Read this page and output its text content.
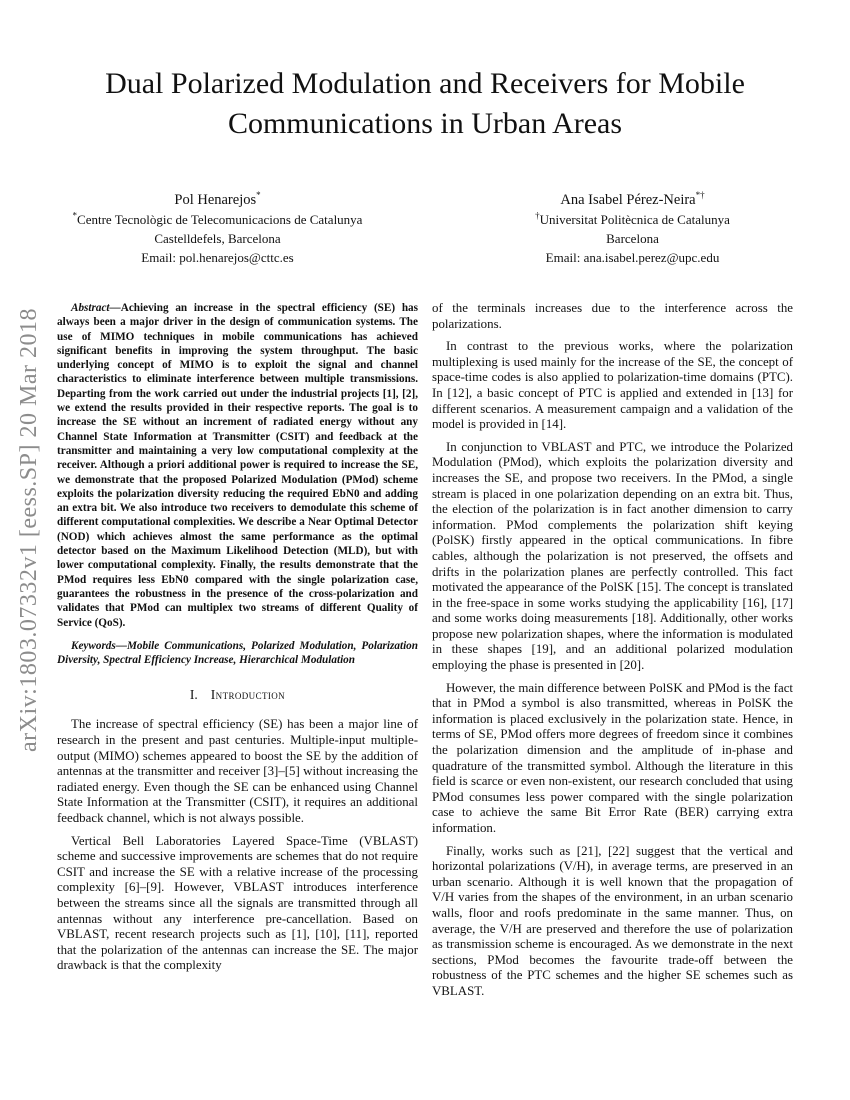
arXiv:1803.07332v1 [eess.SP] 20 Mar 2018
Dual Polarized Modulation and Receivers for Mobile Communications in Urban Areas
Pol Henarejos*
*Centre Tecnològic de Telecomunicacions de Catalunya
Castelldefels, Barcelona
Email: pol.henarejos@cttc.es
Ana Isabel Pérez-Neira*†
†Universitat Politècnica de Catalunya
Barcelona
Email: ana.isabel.perez@upc.edu

Abstract—Achieving an increase in the spectral efficiency (SE) has always been a major driver in the design of communication systems. The use of MIMO techniques in mobile communications has achieved significant benefits in improving the system throughput. The basic underlying concept of MIMO is to exploit the signal and channel characteristics to eliminate interference between multiple transmissions. Departing from the work carried out under the industrial projects [1], [2], we extend the results provided in their respective reports. The goal is to increase the SE without an increment of radiated energy without any Channel State Information at Transmitter (CSIT) and feedback at the transmitter and maintaining a very low computational complexity at the receiver. Although a priori additional power is required to increase the SE, we demonstrate that the proposed Polarized Modulation (PMod) scheme exploits the polarization diversity reducing the required EbN0 and adding an extra bit. We also introduce two receivers to demodulate this scheme of different computational complexities. We describe a Near Optimal Detector (NOD) which achieves almost the same performance as the optimal detector based on the Maximum Likelihood Detection (MLD), but with lower computational complexity. Finally, the results demonstrate that the PMod requires less EbN0 compared with the single polarization case, guarantees the robustness in the presence of the cross-polarization and validates that PMod can multiplex two streams of different Quality of Service (QoS).

Keywords—Mobile Communications, Polarized Modulation, Polarization Diversity, Spectral Efficiency Increase, Hierarchical Modulation

I. Introduction

The increase of spectral efficiency (SE) has been a major line of research in the present and past centuries. Multiple-input multiple-output (MIMO) schemes appeared to boost the SE by the addition of antennas at the transmitter and receiver [3]–[5] without increasing the radiated energy. Even though the SE can be enhanced using Channel State Information at the Transmitter (CSIT), it requires an additional feedback channel, which is not always possible.

Vertical Bell Laboratories Layered Space-Time (VBLAST) scheme and successive improvements are schemes that do not require CSIT and increase the SE with a relative increase of the processing complexity [6]–[9]. However, VBLAST introduces interference between the streams since all the signals are transmitted through all antennas without any interference pre-cancellation. Based on VBLAST, recent research projects such as [1], [10], [11], reported that the polarization of the antennas can increase the SE. The major drawback is that the complexity

of the terminals increases due to the interference across the polarizations.

In contrast to the previous works, where the polarization multiplexing is used mainly for the increase of the SE, the concept of space-time codes is also applied to polarization-time domains (PTC). In [12], a basic concept of PTC is applied and extended in [13] for different scenarios. A measurement campaign and a validation of the model is provided in [14].

In conjunction to VBLAST and PTC, we introduce the Polarized Modulation (PMod), which exploits the polarization diversity and increases the SE, and propose two receivers. In the PMod, a single stream is placed in one polarization depending on an extra bit. Thus, the election of the polarization is in fact another dimension to carry information. PMod complements the polarization shift keying (PolSK) firstly appeared in the optical communications. In fibre cables, although the polarization is not preserved, the offsets and drifts in the polarization planes are perfectly controlled. This fact motivated the appearance of the PolSK [15]. The concept is translated in the free-space in some works studying the applicability [16], [17] and some works doing measurements [18]. Additionally, other works propose new polarization shapes, where the information is modulated in these shapes [19], and an additional polarized modulation employing the phase is presented in [20].

However, the main difference between PolSK and PMod is the fact that in PMod a symbol is also transmitted, whereas in PolSK the information is placed exclusively in the polarization state. Hence, in terms of SE, PMod offers more degrees of freedom since it combines the polarization dimension and the amplitude of in-phase and quadrature of the transmitted symbol. Although the literature in this field is scarce or even non-existent, our research concluded that using PMod consumes less power compared with the single polarization case to achieve the same Bit Error Rate (BER) carrying extra information.

Finally, works such as [21], [22] suggest that the vertical and horizontal polarizations (V/H), in average terms, are preserved in an urban scenario. Although it is well known that the propagation of V/H varies from the shapes of the environment, in an urban scenario walls, floor and roofs predominate in the same manner. Thus, on average, the V/H are preserved and therefore the use of polarization as transmission scheme is encouraged. As we demonstrate in the next sections, PMod becomes the favourite trade-off between the robustness of the PTC schemes and the higher SE schemes such as VBLAST.
